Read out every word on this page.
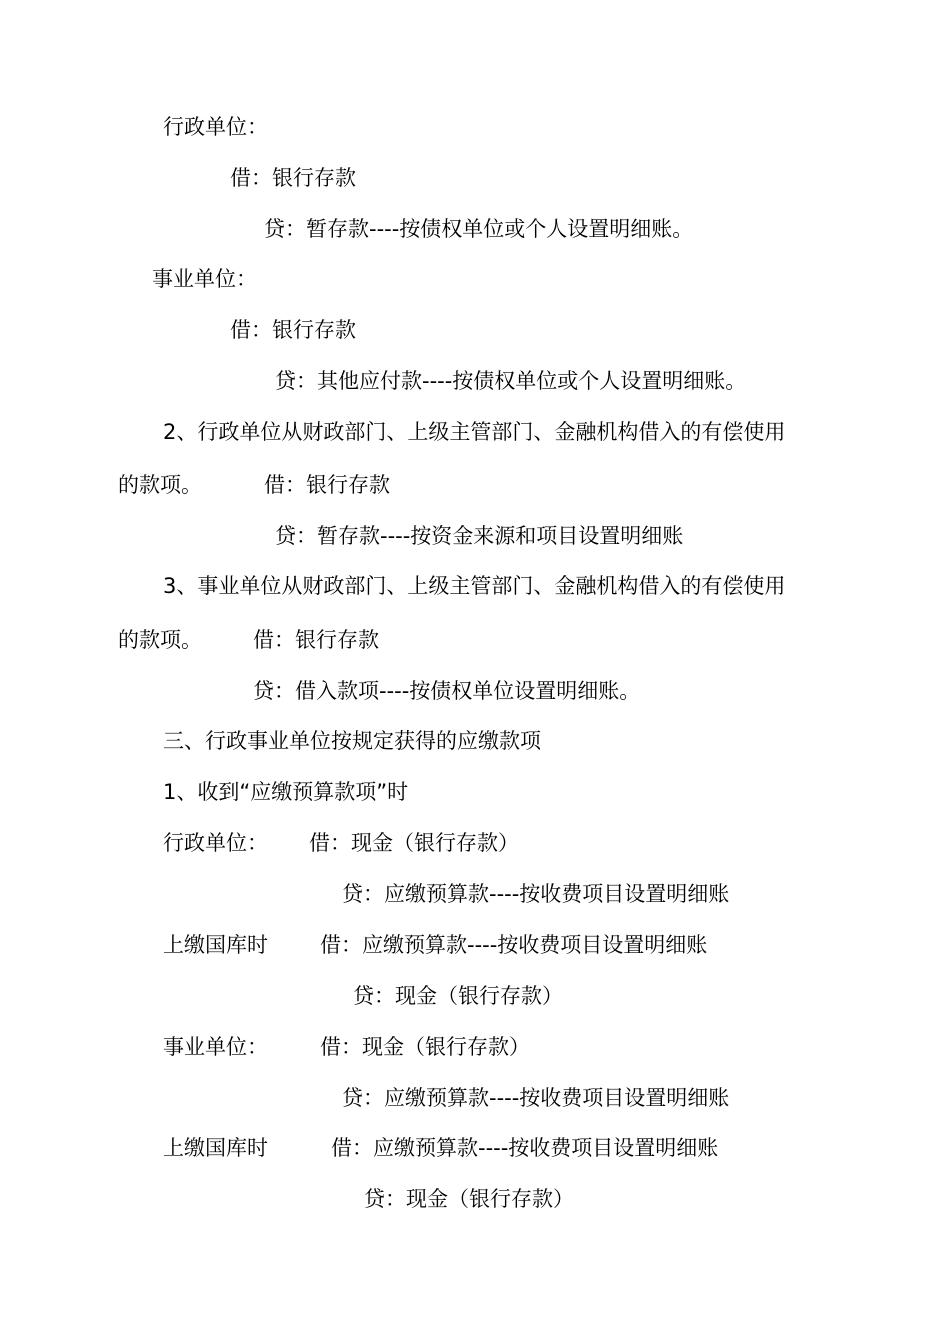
行政单位：
借：银行存款
贷：暂存款----按债权单位或个人设置明细账。
事业单位：
借：银行存款
贷：其他应付款----按债权单位或个人设置明细账。
2、行政单位从财政部门、上级主管部门、金融机构借入的有偿使用
的款项。	借：银行存款
贷：暂存款----按资金来源和项目设置明细账
3、事业单位从财政部门、上级主管部门、金融机构借入的有偿使用
的款项。 借：银行存款
贷：借入款项----按债权单位设置明细账。
三、行政事业单位按规定获得的应缴款项
1、收到“应缴预算款项”时
行政单位： 借：现金（银行存款）
贷：应缴预算款----按收费项目设置明细账
上缴国库时 借：应缴预算款----按收费项目设置明细账
贷：现金（银行存款）
事业单位： 借：现金（银行存款）
贷：应缴预算款----按收费项目设置明细账
上缴国库时	借：应缴预算款----按收费项目设置明细账
贷：现金（银行存款）
